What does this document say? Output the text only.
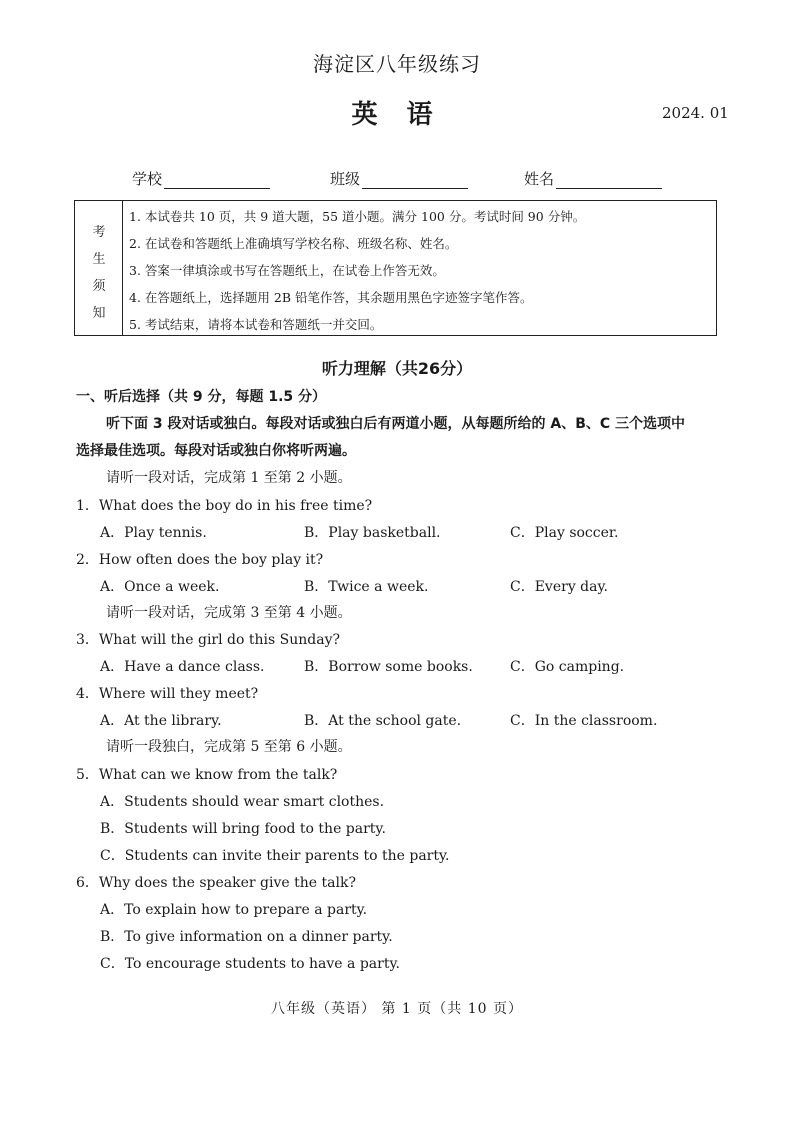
海淀区八年级练习
英 语	2024. 01
学校	班级	姓名
考
生
须
知
1. 本试卷共 10 页，共 9 道大题，55 道小题。满分 100 分。考试时间 90 分钟。
2. 在试卷和答题纸上准确填写学校名称、班级名称、姓名。
3. 答案一律填涂或书写在答题纸上，在试卷上作答无效。
4. 在答题纸上，选择题用 2B 铅笔作答，其余题用黑色字迹签字笔作答。
5. 考试结束，请将本试卷和答题纸一并交回。
听力理解（共26分）
一、听后选择（共 9 分，每题 1.5 分）
听下面 3 段对话或独白。每段对话或独白后有两道小题，从每题所给的 A、B、C 三个选项中
选择最佳选项。每段对话或独白你将听两遍。
请听一段对话，完成第 1 至第 2 小题。
1．What does the boy do in his free time?
A．Play tennis.	B．Play basketball.	C．Play soccer.
2．How often does the boy play it?
A．Once a week.	B．Twice a week.	C．Every day.
请听一段对话，完成第 3 至第 4 小题。
3．What will the girl do this Sunday?
A．Have a dance class.	B．Borrow some books.	C．Go camping.
4．Where will they meet?
A．At the library.	B．At the school gate.	C．In the classroom.
请听一段独白，完成第 5 至第 6 小题。
5．What can we know from the talk?
A．Students should wear smart clothes.
B．Students will bring food to the party.
C．Students can invite their parents to the party.
6．Why does the speaker give the talk?
A．To explain how to prepare a party.
B．To give information on a dinner party.
C．To encourage students to have a party.
八年级（英语） 第 1 页（共 10 页）
